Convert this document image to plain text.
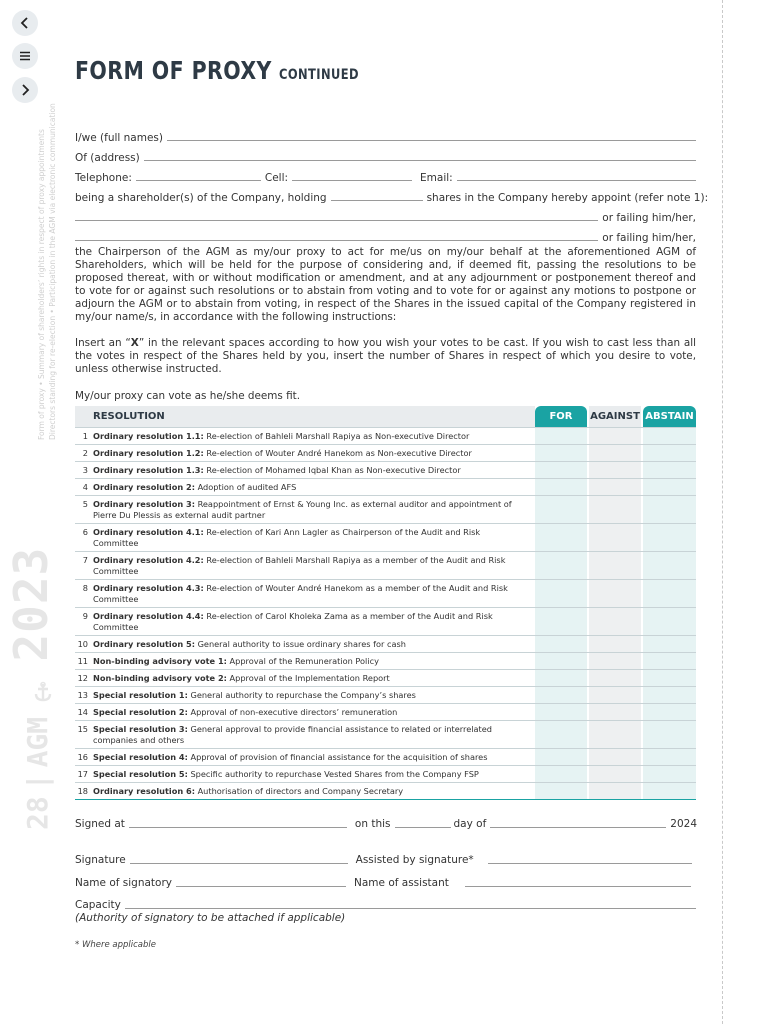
Form of proxy • Summary of shareholders’ rights in respect of proxy appointments Directors standing for re-election • Participation in the AGM via electronic communication
28|AGM  2023
FORM OF PROXY CONTINUED
I/we (full names)
Of (address)
Telephone:	Cell:	Email:
being a shareholder(s) of the Company, holding	shares in the Company hereby appoint (refer note 1):
or failing him/her,
or failing him/her,
the Chairperson of the AGM as my/our proxy to act for me/us on my/our behalf at the aforementioned AGM of Shareholders, which will be held for the purpose of considering and, if deemed fit, passing the resolutions to be proposed thereat, with or without modification or amendment, and at any adjournment or postponement thereof and to vote for or against such resolutions or to abstain from voting and to vote for or against any motions to postpone or adjourn the AGM or to abstain from voting, in respect of the Shares in the issued capital of the Company registered in my/our name/s, in accordance with the following instructions:
Insert an “X” in the relevant spaces according to how you wish your votes to be cast. If you wish to cast less than all the votes in respect of the Shares held by you, insert the number of Shares in respect of which you desire to vote, unless otherwise instructed.
My/our proxy can vote as he/she deems fit.
RESOLUTION	FOR	AGAINST ABSTAIN
1 Ordinary resolution 1.1: Re-election of Bahleli Marshall Rapiya as Non-executive Director
2 Ordinary resolution 1.2: Re-election of Wouter André Hanekom as Non-executive Director
3 Ordinary resolution 1.3: Re-election of Mohamed Iqbal Khan as Non-executive Director
4 Ordinary resolution 2: Adoption of audited AFS
5 Ordinary resolution 3: Reappointment of Ernst & Young Inc. as external auditor and appointment of Pierre Du Plessis as external audit partner
6 Ordinary resolution 4.1: Re-election of Kari Ann Lagler as Chairperson of the Audit and Risk Committee
7 Ordinary resolution 4.2: Re-election of Bahleli Marshall Rapiya as a member of the Audit and Risk Committee
8 Ordinary resolution 4.3: Re-election of Wouter André Hanekom as a member of the Audit and Risk Committee
9 Ordinary resolution 4.4: Re-election of Carol Kholeka Zama as a member of the Audit and Risk Committee
10 Ordinary resolution 5: General authority to issue ordinary shares for cash
11 Non-binding advisory vote 1: Approval of the Remuneration Policy
12 Non-binding advisory vote 2: Approval of the Implementation Report
13 Special resolution 1: General authority to repurchase the Company’s shares
14 Special resolution 2: Approval of non-executive directors’ remuneration
15 Special resolution 3: General approval to provide financial assistance to related or interrelated companies and others
16 Special resolution 4: Approval of provision of financial assistance for the acquisition of shares
17 Special resolution 5: Specific authority to repurchase Vested Shares from the Company FSP
18 Ordinary resolution 6: Authorisation of directors and Company Secretary
Signed at	on this	day of	2024
Signature	Assisted by signature*
Name of signatory	Name of assistant
Capacity
(Authority of signatory to be attached if applicable)
* Where applicable
